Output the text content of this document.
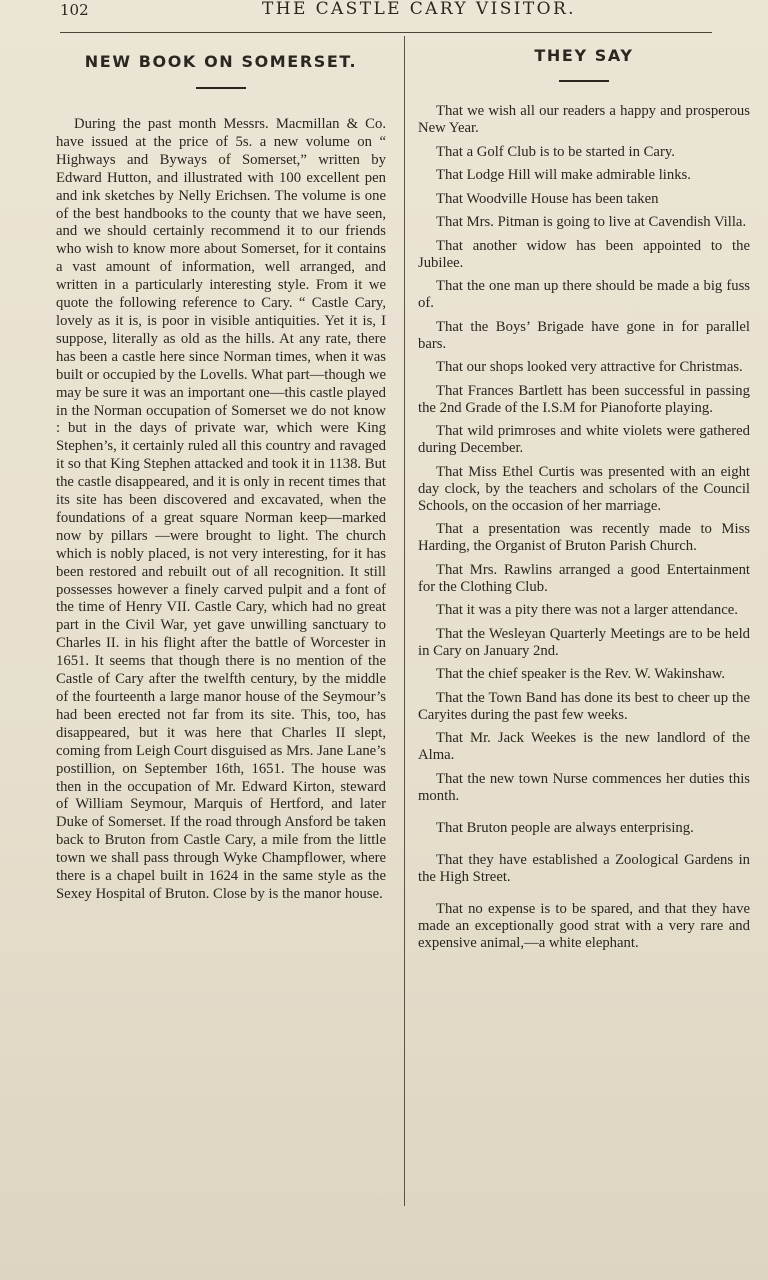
102	THE CASTLE CARY VISITOR.
NEW BOOK ON SOMERSET.

During the past month Messrs. Macmillan & Co. have issued at the price of 5s. a new volume on “ Highways and Byways of Somerset,” written by Edward Hutton, and illustrated with 100 excellent pen and ink sketches by Nelly Erichsen. The volume is one of the best handbooks to the county that we have seen, and we should certainly recommend it to our friends who wish to know more about Somerset, for it contains a vast amount of information, well arranged, and written in a particularly interesting style. From it we quote the following reference to Cary. “ Castle Cary, lovely as it is, is poor in visible antiquities. Yet it is, I suppose, literally as old as the hills. At any rate, there has been a castle here since Norman times, when it was built or occupied by the Lovells. What part—though we may be sure it was an important one—this castle played in the Norman occupation of Somerset we do not know : but in the days of private war, which were King Stephen’s, it certainly ruled all this country and ravaged it so that King Stephen attacked and took it in 1138. But the castle disappeared, and it is only in recent times that its site has been discovered and excavated, when the foundations of a great square Norman keep—marked now by pillars —were brought to light. The church which is nobly placed, is not very interesting, for it has been restored and rebuilt out of all recognition. It still possesses however a finely carved pulpit and a font of the time of Henry VII. Castle Cary, which had no great part in the Civil War, yet gave unwilling sanctuary to Charles II. in his flight after the battle of Worcester in 1651. It seems that though there is no mention of the Castle of Cary after the twelfth century, by the middle of the fourteenth a large manor house of the Seymour’s had been erected not far from its site. This, too, has disappeared, but it was here that Charles II slept, coming from Leigh Court disguised as Mrs. Jane Lane’s postillion, on September 16th, 1651. The house was then in the occupation of Mr. Edward Kirton, steward of William Seymour, Marquis of Hertford, and later Duke of Somerset. If the road through Ansford be taken back to Bruton from Castle Cary, a mile from the little town we shall pass through Wyke Champflower, where there is a chapel built in 1624 in the same style as the Sexey Hospital of Bruton. Close by is the manor house.

THEY SAY
That we wish all our readers a happy and prosperous New Year.
That a Golf Club is to be started in Cary.
That Lodge Hill will make admirable links.
That Woodville House has been taken
That Mrs. Pitman is going to live at Cavendish Villa.
That another widow has been appointed to the Jubilee.
That the one man up there should be made a big fuss of.
That the Boys’ Brigade have gone in for parallel bars.
That our shops looked very attractive for Christmas.
That Frances Bartlett has been successful in passing the 2nd Grade of the I.S.M for Pianoforte playing.
That wild primroses and white violets were gathered during December.
That Miss Ethel Curtis was presented with an eight day clock, by the teachers and scholars of the Council Schools, on the occasion of her marriage.
That a presentation was recently made to Miss Harding, the Organist of Bruton Parish Church.
That Mrs. Rawlins arranged a good Entertainment for the Clothing Club.
That it was a pity there was not a larger attendance.
That the Wesleyan Quarterly Meetings are to be held in Cary on January 2nd.
That the chief speaker is the Rev. W. Wakinshaw.
That the Town Band has done its best to cheer up the Caryites during the past few weeks.
That Mr. Jack Weekes is the new landlord of the Alma.
That the new town Nurse commences her duties this month.
That Bruton people are always enterprising.
That they have established a Zoological Gardens in the High Street.
That no expense is to be spared, and that they have made an exceptionally good strat with a very rare and expensive animal,—a white elephant.
